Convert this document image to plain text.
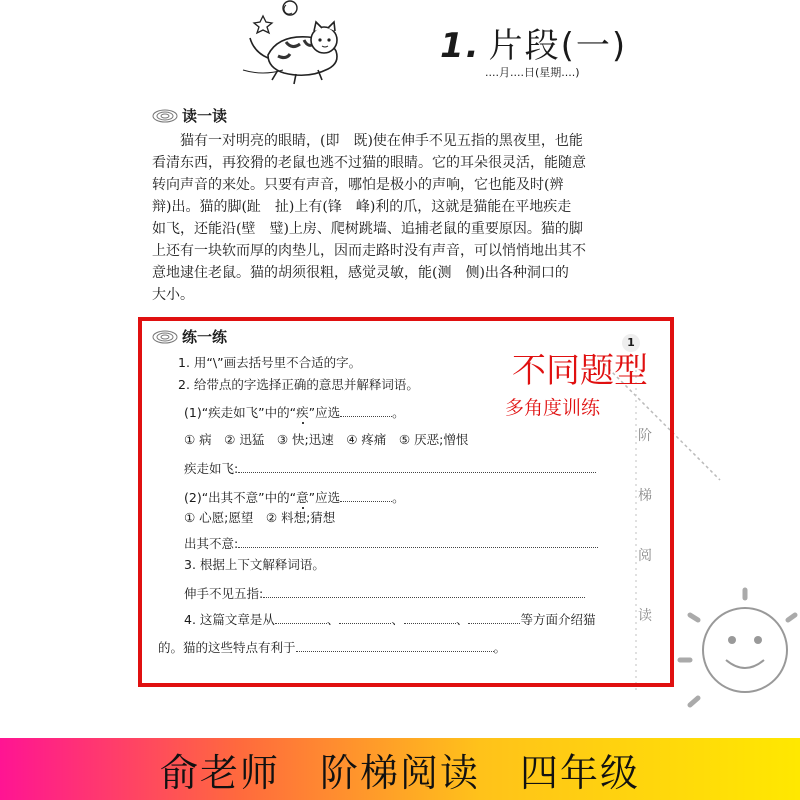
1. 片段(一)
....月....日(星期....)
读一读
猫有一对明亮的眼睛，(即　既)使在伸手不见五指的黑夜里，也能
看清东西，再狡猾的老鼠也逃不过猫的眼睛。它的耳朵很灵活，能随意
转向声音的来处。只要有声音，哪怕是极小的声响，它也能及时(辨
辩)出。猫的脚(趾　扯)上有(锋　峰)利的爪，这就是猫能在平地疾走
如飞，还能沿(壁　璧)上房、爬树跳墙、追捕老鼠的重要原因。猫的脚
上还有一块软而厚的肉垫儿，因而走路时没有声音，可以悄悄地出其不
意地逮住老鼠。猫的胡须很粗，感觉灵敏，能(测　侧)出各种洞口的
大小。
阶
梯
阅
读
练一练	1
1. 用“\”画去括号里不合适的字。
2. 给带点的字选择正确的意思并解释词语。
(1)“疾走如飞”中的“疾”应选	。
① 病　② 迅猛　③ 快;迅速　④ 疼痛　⑤ 厌恶;憎恨
疾走如飞:
(2)“出其不意”中的“意”应选	。
① 心愿;愿望　② 料想;猜想
出其不意:
3. 根据上下文解释词语。
伸手不见五指:
4. 这篇文章是从	、	、	、	等方面介绍猫
的。猫的这些特点有利于	。
不同题型
多角度训练
俞老师　阶梯阅读　四年级
